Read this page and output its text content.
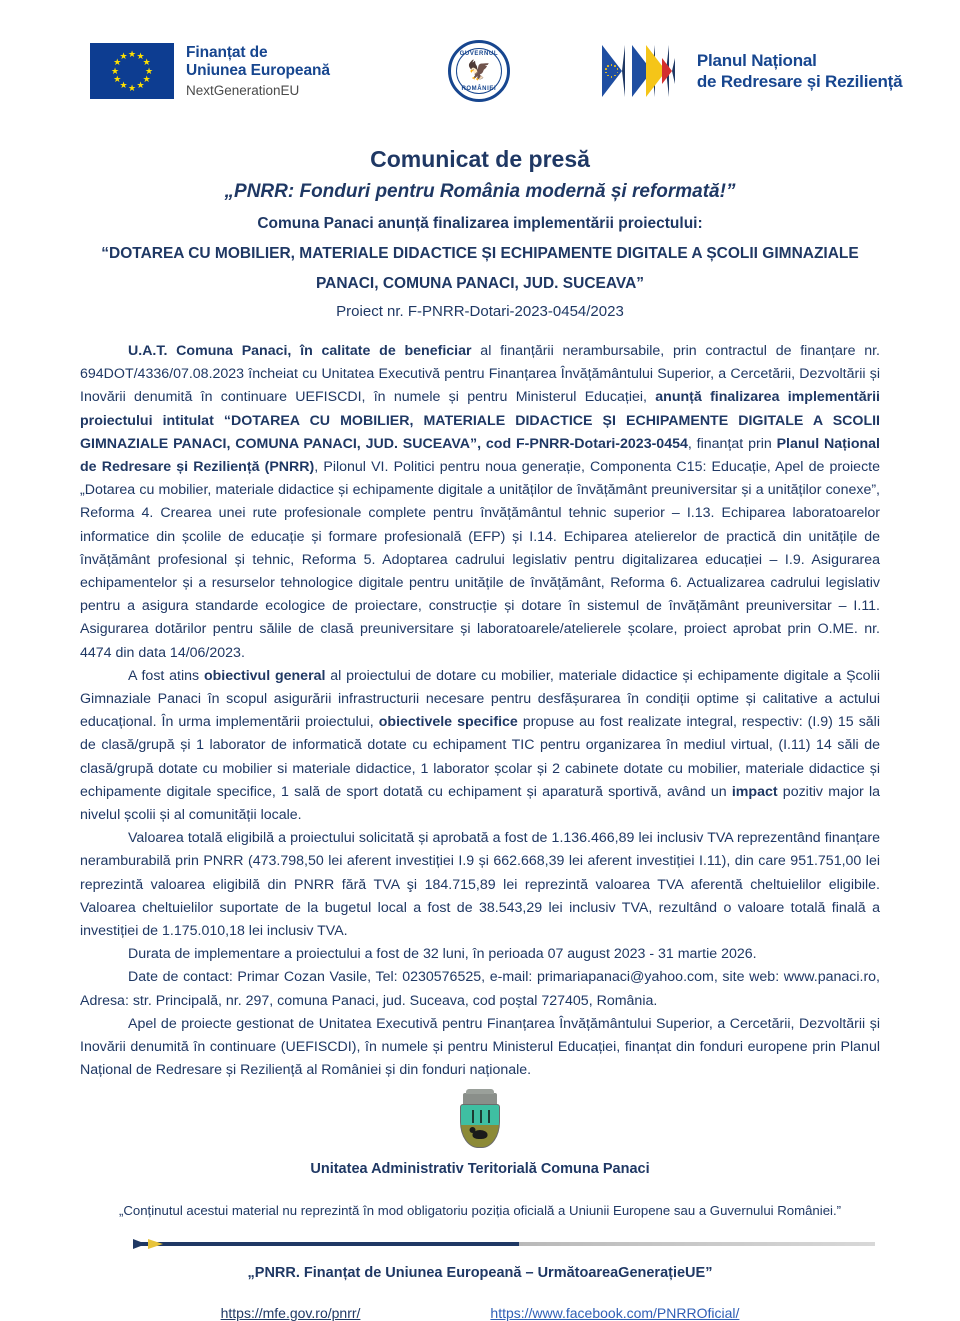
★ ★
★
★
★
★
★
★
★
★
★
★	Finanțat de
Uniunea Europeană
NextGenerationEU
GUVERNUL
🦅
ROMÂNIEI
Planul Național
de Redresare și Reziliență
Comunicat de presă
„PNRR: Fonduri pentru România modernă și reformată!”
Comuna Panaci anunță finalizarea implementării proiectului:
“DOTAREA CU MOBILIER, MATERIALE DIDACTICE ȘI ECHIPAMENTE DIGITALE A ȘCOLII GIMNAZIALE
PANACI, COMUNA PANACI, JUD. SUCEAVA”
Proiect nr. F-PNRR-Dotari-2023-0454/2023

U.A.T. Comuna Panaci, în calitate de beneficiar al finanțării nerambursabile, prin contractul de finanțare nr. 694DOT/4336/07.08.2023 încheiat cu Unitatea Executivă pentru Finanțarea Învățământului Superior, a Cercetării, Dezvoltării și Inovării denumită în continuare UEFISCDI, în numele și pentru Ministerul Educației, anunță finalizarea implementării proiectului intitulat “DOTAREA CU MOBILIER, MATERIALE DIDACTICE ȘI ECHIPAMENTE DIGITALE A SCOLII GIMNAZIALE PANACI, COMUNA PANACI, JUD. SUCEAVA”, cod F-PNRR-Dotari-2023-0454, finanțat prin Planul Național de Redresare și Reziliență (PNRR), Pilonul VI. Politici pentru noua generație, Componenta C15: Educație, Apel de proiecte „Dotarea cu mobilier, materiale didactice și echipamente digitale a unităților de învățământ preuniversitar și a unităților conexe”, Reforma 4. Crearea unei rute profesionale complete pentru învățământul tehnic superior – I.13. Echiparea laboratoarelor informatice din școlile de educație și formare profesională (EFP) și I.14. Echiparea atelierelor de practică din unitățile de învățământ profesional și tehnic, Reforma 5. Adoptarea cadrului legislativ pentru digitalizarea educației – I.9. Asigurarea echipamentelor și a resurselor tehnologice digitale pentru unitățile de învățământ, Reforma 6. Actualizarea cadrului legislativ pentru a asigura standarde ecologice de proiectare, construcție și dotare în sistemul de învățământ preuniversitar – I.11. Asigurarea dotărilor pentru sălile de clasă preuniversitare și laboratoarele/atelierele școlare, proiect aprobat prin O.ME. nr. 4474 din data 14/06/2023.

A fost atins obiectivul general al proiectului de dotare cu mobilier, materiale didactice și echipamente digitale a Școlii Gimnaziale Panaci în scopul asigurării infrastructurii necesare pentru desfășurarea în condiții optime și calitative a actului educațional. În urma implementării proiectului, obiectivele specifice propuse au fost realizate integral, respectiv: (I.9) 15 săli de clasă/grupă și 1 laborator de informatică dotate cu echipament TIC pentru organizarea în mediul virtual, (I.11) 14 săli de clasă/grupă dotate cu mobilier si materiale didactice, 1 laborator școlar și 2 cabinete dotate cu mobilier, materiale didactice și echipamente digitale specifice, 1 sală de sport dotată cu echipament și aparatură sportivă, având un impact pozitiv major la nivelul școlii și al comunității locale.

Valoarea totală eligibilă a proiectului solicitată și aprobată a fost de 1.136.466,89 lei inclusiv TVA reprezentând finanțare neramburabilă prin PNRR (473.798,50 lei aferent investiției I.9 și 662.668,39 lei aferent investiției I.11), din care 951.751,00 lei reprezintă valoarea eligibilă din PNRR fără TVA şi 184.715,89 lei reprezintă valoarea TVA aferentă cheltuielilor eligibile. Valoarea cheltuielilor suportate de la bugetul local a fost de 38.543,29 lei inclusiv TVA, rezultând o valoare totală finală a investiției de 1.175.010,18 lei inclusiv TVA.

Durata de implementare a proiectului a fost de 32 luni, în perioada 07 august 2023 - 31 martie 2026.

Date de contact: Primar Cozan Vasile, Tel: 0230576525, e-mail: primariapanaci@yahoo.com, site web: www.panaci.ro, Adresa: str. Principală, nr. 297, comuna Panaci, jud. Suceava, cod poștal 727405, România.

Apel de proiecte gestionat de Unitatea Executivă pentru Finanțarea Învățământului Superior, a Cercetării, Dezvoltării și Inovării denumită în continuare (UEFISCDI), în numele și pentru Ministerul Educației, finanțat din fonduri europene prin Planul Național de Redresare și Reziliență al României și din fonduri naționale.

Unitatea Administrativ Teritorială Comuna Panaci
„Conținutul acestui material nu reprezintă în mod obligatoriu poziția oficială a Uniunii Europene sau a Guvernului României.”
„PNRR. Finanțat de Uniunea Europeană – UrmătoareaGenerațieUE”
https://mfe.gov.ro/pnrr/	https://www.facebook.com/PNRROficial/
